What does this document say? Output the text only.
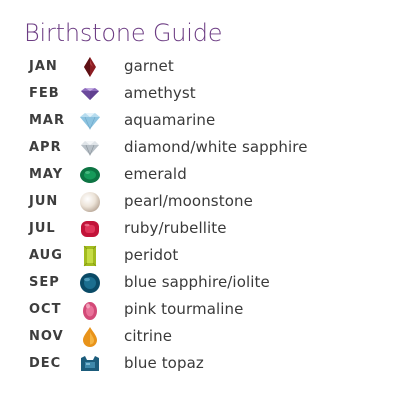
Birthstone Guide
JAN	garnet
FEB	amethyst
MAR	aquamarine
APR	diamond/white sapphire
MAY	emerald
JUN	pearl/moonstone
JUL	ruby/rubellite
AUG	peridot
SEP	blue sapphire/iolite
OCT	pink tourmaline
NOV	citrine
DEC	blue topaz
